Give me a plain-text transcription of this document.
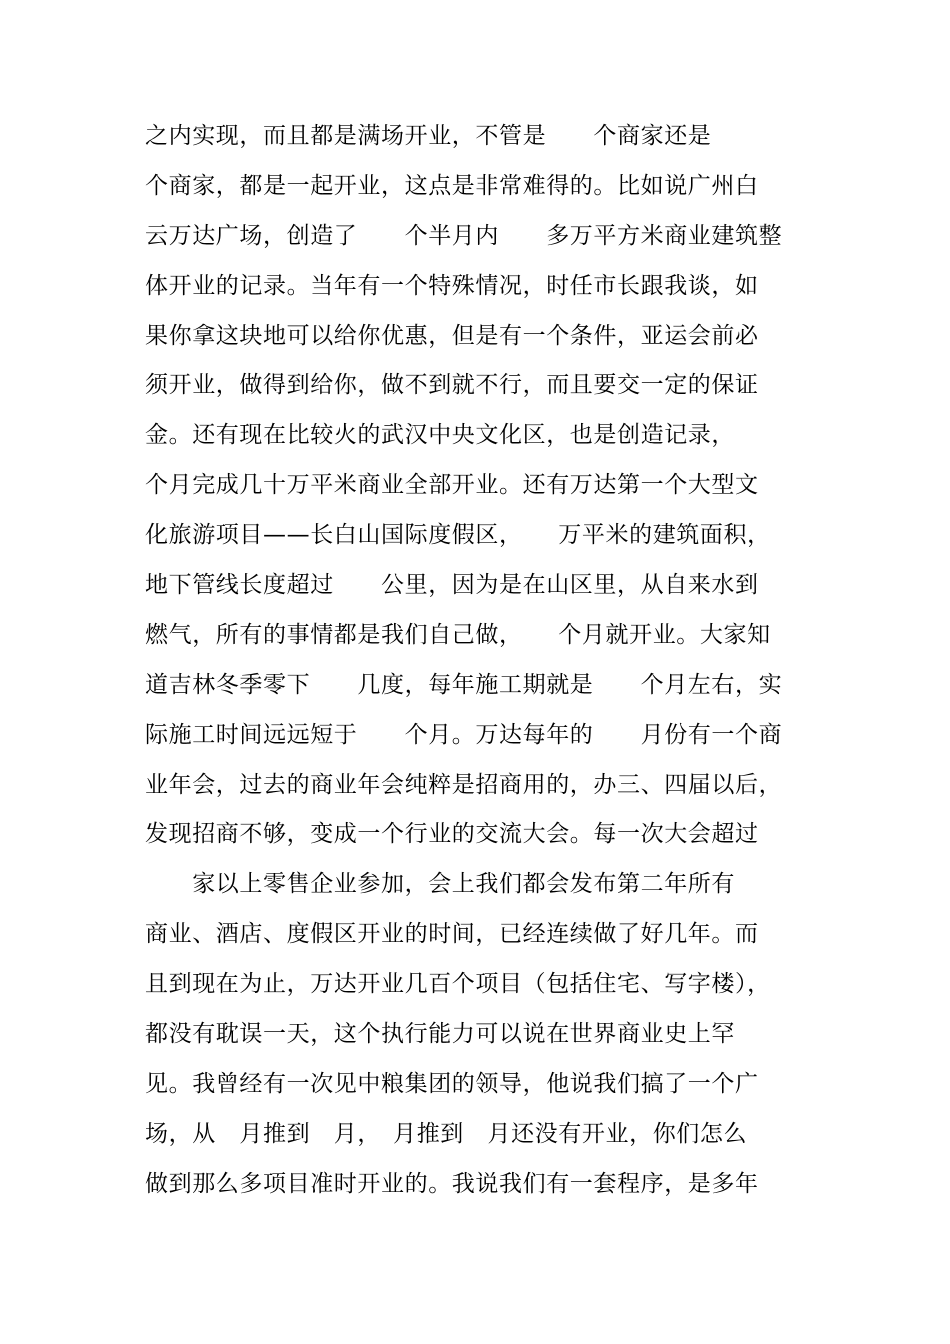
之内实现，而且都是满场开业，不管是　　个商家还是
个商家，都是一起开业，这点是非常难得的。比如说广州白
云万达广场，创造了　　个半月内　　多万平方米商业建筑整
体开业的记录。当年有一个特殊情况，时任市长跟我谈，如
果你拿这块地可以给你优惠，但是有一个条件，亚运会前必
须开业，做得到给你，做不到就不行，而且要交一定的保证
金。还有现在比较火的武汉中央文化区，也是创造记录，
个月完成几十万平米商业全部开业。还有万达第一个大型文
化旅游项目——长白山国际度假区，　　万平米的建筑面积，
地下管线长度超过　　公里，因为是在山区里，从自来水到
燃气，所有的事情都是我们自己做，　　个月就开业。大家知
道吉林冬季零下　　几度，每年施工期就是　　个月左右，实
际施工时间远远短于　　个月。万达每年的　　月份有一个商
业年会，过去的商业年会纯粹是招商用的，办三、四届以后，
发现招商不够，变成一个行业的交流大会。每一次大会超过
　　家以上零售企业参加，会上我们都会发布第二年所有
商业、酒店、度假区开业的时间，已经连续做了好几年。而
且到现在为止，万达开业几百个项目（包括住宅、写字楼），
都没有耽误一天，这个执行能力可以说在世界商业史上罕
见。我曾经有一次见中粮集团的领导，他说我们搞了一个广
场，从　月推到　月，　月推到　月还没有开业，你们怎么
做到那么多项目准时开业的。我说我们有一套程序，是多年
